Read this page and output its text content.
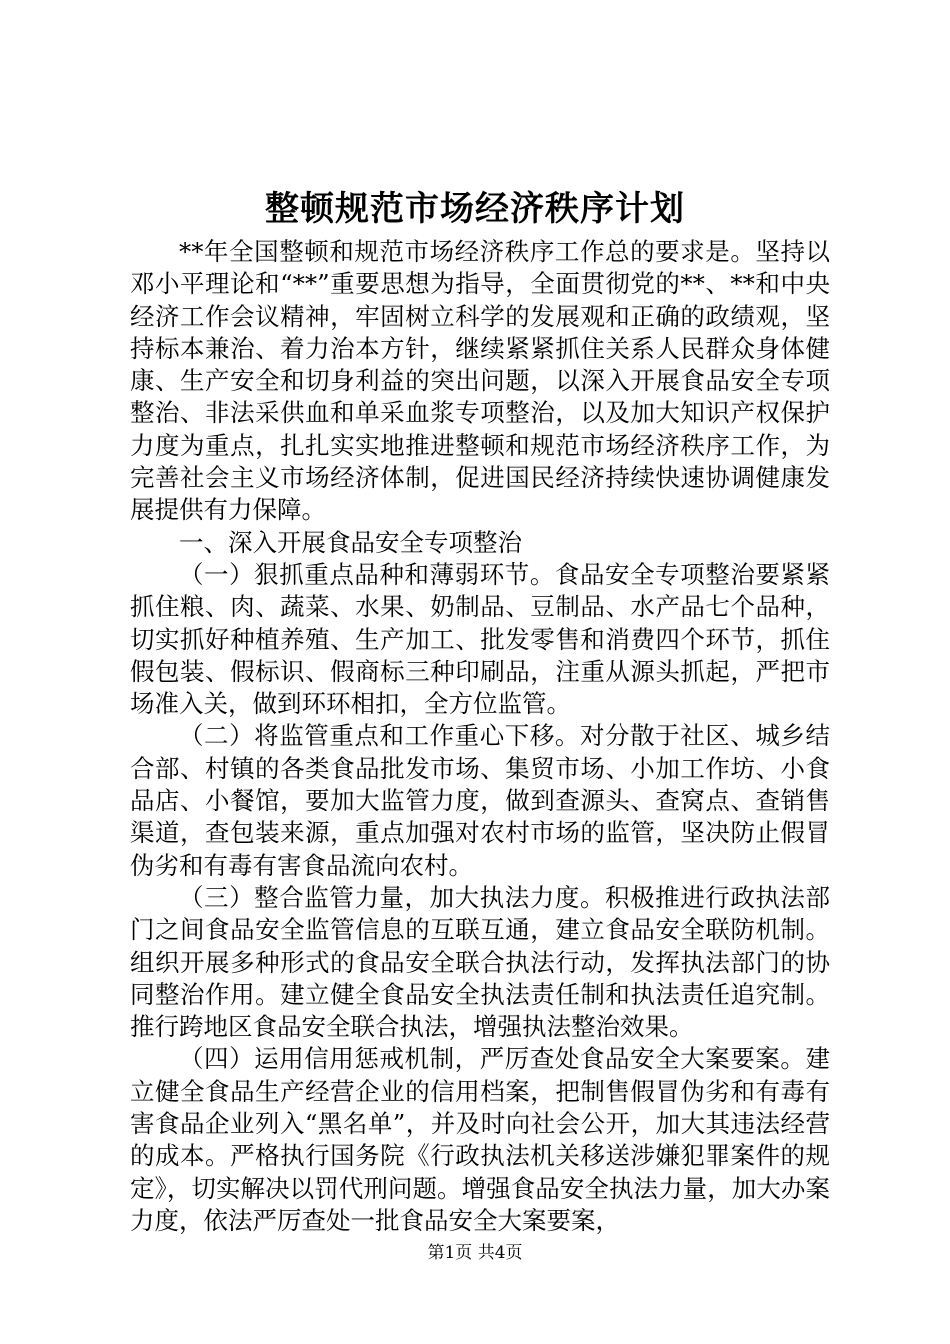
整顿规范市场经济秩序计划

**年全国整顿和规范市场经济秩序工作总的要求是。坚持以邓小平理论和“**”重要思想为指导，全面贯彻党的**、**和中央经济工作会议精神，牢固树立科学的发展观和正确的政绩观，坚持标本兼治、着力治本方针，继续紧紧抓住关系人民群众身体健康、生产安全和切身利益的突出问题，以深入开展食品安全专项整治、非法采供血和单采血浆专项整治，以及加大知识产权保护力度为重点，扎扎实实地推进整顿和规范市场经济秩序工作，为完善社会主义市场经济体制，促进国民经济持续快速协调健康发展提供有力保障。

一、深入开展食品安全专项整治

（一）狠抓重点品种和薄弱环节。食品安全专项整治要紧紧抓住粮、肉、蔬菜、水果、奶制品、豆制品、水产品七个品种，切实抓好种植养殖、生产加工、批发零售和消费四个环节，抓住假包装、假标识、假商标三种印刷品，注重从源头抓起，严把市场准入关，做到环环相扣，全方位监管。

（二）将监管重点和工作重心下移。对分散于社区、城乡结合部、村镇的各类食品批发市场、集贸市场、小加工作坊、小食品店、小餐馆，要加大监管力度，做到查源头、查窝点、查销售渠道，查包装来源，重点加强对农村市场的监管，坚决防止假冒伪劣和有毒有害食品流向农村。

（三）整合监管力量，加大执法力度。积极推进行政执法部门之间食品安全监管信息的互联互通，建立食品安全联防机制。组织开展多种形式的食品安全联合执法行动，发挥执法部门的协同整治作用。建立健全食品安全执法责任制和执法责任追究制。推行跨地区食品安全联合执法，增强执法整治效果。

（四）运用信用惩戒机制，严厉查处食品安全大案要案。建立健全食品生产经营企业的信用档案，把制售假冒伪劣和有毒有害食品企业列入“黑名单”，并及时向社会公开，加大其违法经营的成本。严格执行国务院《行政执法机关移送涉嫌犯罪案件的规定》，切实解决以罚代刑问题。增强食品安全执法力量，加大办案力度，依法严厉查处一批食品安全大案要案，

第1页 共4页
